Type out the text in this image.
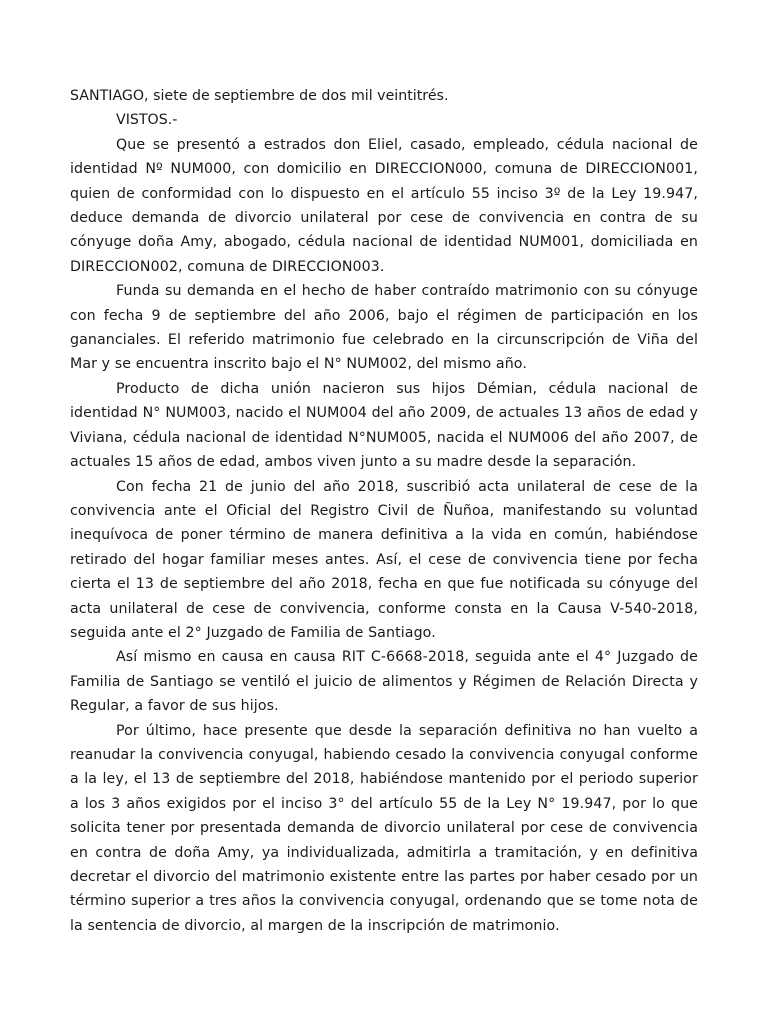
SANTIAGO, siete de septiembre de dos mil veintitrés.

VISTOS.-

Que se presentó a estrados don Eliel, casado, empleado, cédula nacional de identidad Nº NUM000, con domicilio en DIRECCION000, comuna de DIRECCION001, quien de conformidad con lo dispuesto en el artículo 55 inciso 3º de la Ley 19.947, deduce demanda de divorcio unilateral por cese de convivencia en contra de su cónyuge doña Amy, abogado, cédula nacional de identidad NUM001, domiciliada en DIRECCION002, comuna de DIRECCION003.

Funda su demanda en el hecho de haber contraído matrimonio con su cónyuge con fecha 9 de septiembre del año 2006, bajo el régimen de participación en los gananciales. El referido matrimonio fue celebrado en la circunscripción de Viña del Mar y se encuentra inscrito bajo el N° NUM002, del mismo año.

Producto de dicha unión nacieron sus hijos Démian, cédula nacional de identidad N° NUM003, nacido el NUM004 del año 2009, de actuales 13 años de edad y Viviana, cédula nacional de identidad N°NUM005, nacida el NUM006 del año 2007, de actuales 15 años de edad, ambos viven junto a su madre desde la separación.

Con fecha 21 de junio del año 2018, suscribió acta unilateral de cese de la convivencia ante el Oficial del Registro Civil de Ñuñoa, manifestando su voluntad inequívoca de poner término de manera definitiva a la vida en común, habiéndose retirado del hogar familiar meses antes. Así, el cese de convivencia tiene por fecha cierta el 13 de septiembre del año 2018, fecha en que fue notificada su cónyuge del acta unilateral de cese de convivencia, conforme consta en la Causa V-540-2018, seguida ante el 2° Juzgado de Familia de Santiago.

Así mismo en causa en causa RIT C-6668-2018, seguida ante el 4° Juzgado de Familia de Santiago se ventiló el juicio de alimentos y Régimen de Relación Directa y Regular, a favor de sus hijos.

Por último, hace presente que desde la separación definitiva no han vuelto a reanudar la convivencia conyugal, habiendo cesado la convivencia conyugal conforme a la ley, el 13 de septiembre del 2018, habiéndose mantenido por el periodo superior a los 3 años exigidos por el inciso 3° del artículo 55 de la Ley N° 19.947, por lo que solicita tener por presentada demanda de divorcio unilateral por cese de convivencia en contra de doña Amy, ya individualizada, admitirla a tramitación, y en definitiva decretar el divorcio del matrimonio existente entre las partes por haber cesado por un término superior a tres años la convivencia conyugal, ordenando que se tome nota de la sentencia de divorcio, al margen de la inscripción de matrimonio.
